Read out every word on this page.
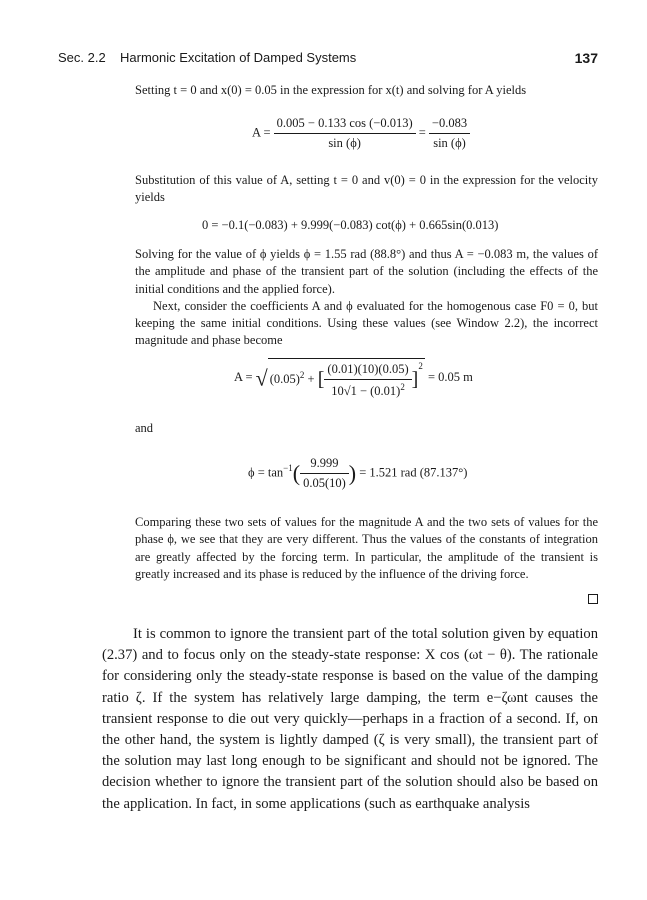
Sec. 2.2 Harmonic Excitation of Damped Systems	137

Setting t = 0 and x(0) = 0.05 in the expression for x(t) and solving for A yields

$A = \frac{0.005 - 0.133 \cos (-0.013)}{\sin (\phi)} = \frac{-0.083}{\sin (\phi)}$

Substitution of this value of A, setting t = 0 and v(0) = 0 in the expression for the velocity yields

0 = −0.1(−0.083) + 9.999(−0.083) cot(ϕ) + 0.665sin(0.013)

Solving for the value of ϕ yields ϕ = 1.55 rad (88.8°) and thus A = −0.083 m, the values of the amplitude and phase of the transient part of the solution (including the effects of the initial conditions and the applied force).

Next, consider the coefficients A and ϕ evaluated for the homogenous case F0 = 0, but keeping the same initial conditions. Using these values (see Window 2.2), the incorrect magnitude and phase become

A = √ $(0.05)^2$ + [ $\frac{(0.01)(10)(0.05)}{10√1 - (0.01)^2} ]^2 = 0.05$ m

and

$\phi = \tan^{-1}( \frac{9.999}{0.05(10)}$ ) = 1.521 rad (87.137°)

Comparing these two sets of values for the magnitude A and the two sets of values for the phase ϕ, we see that they are very different. Thus the values of the constants of integration are greatly affected by the forcing term. In particular, the amplitude of the transient is greatly increased and its phase is reduced by the influence of the driving force.

It is common to ignore the transient part of the total solution given by equation (2.37) and to focus only on the steady-state response: X cos (ωt − θ). The rationale for considering only the steady-state response is based on the value of the damping ratio ζ. If the system has relatively large damping, the term e−ζωnt causes the transient response to die out very quickly—perhaps in a fraction of a second. If, on the other hand, the system is lightly damped (ζ is very small), the transient part of the solution may last long enough to be significant and should not be ignored. The decision whether to ignore the transient part of the solution should also be based on the application. In fact, in some applications (such as earthquake analysis
